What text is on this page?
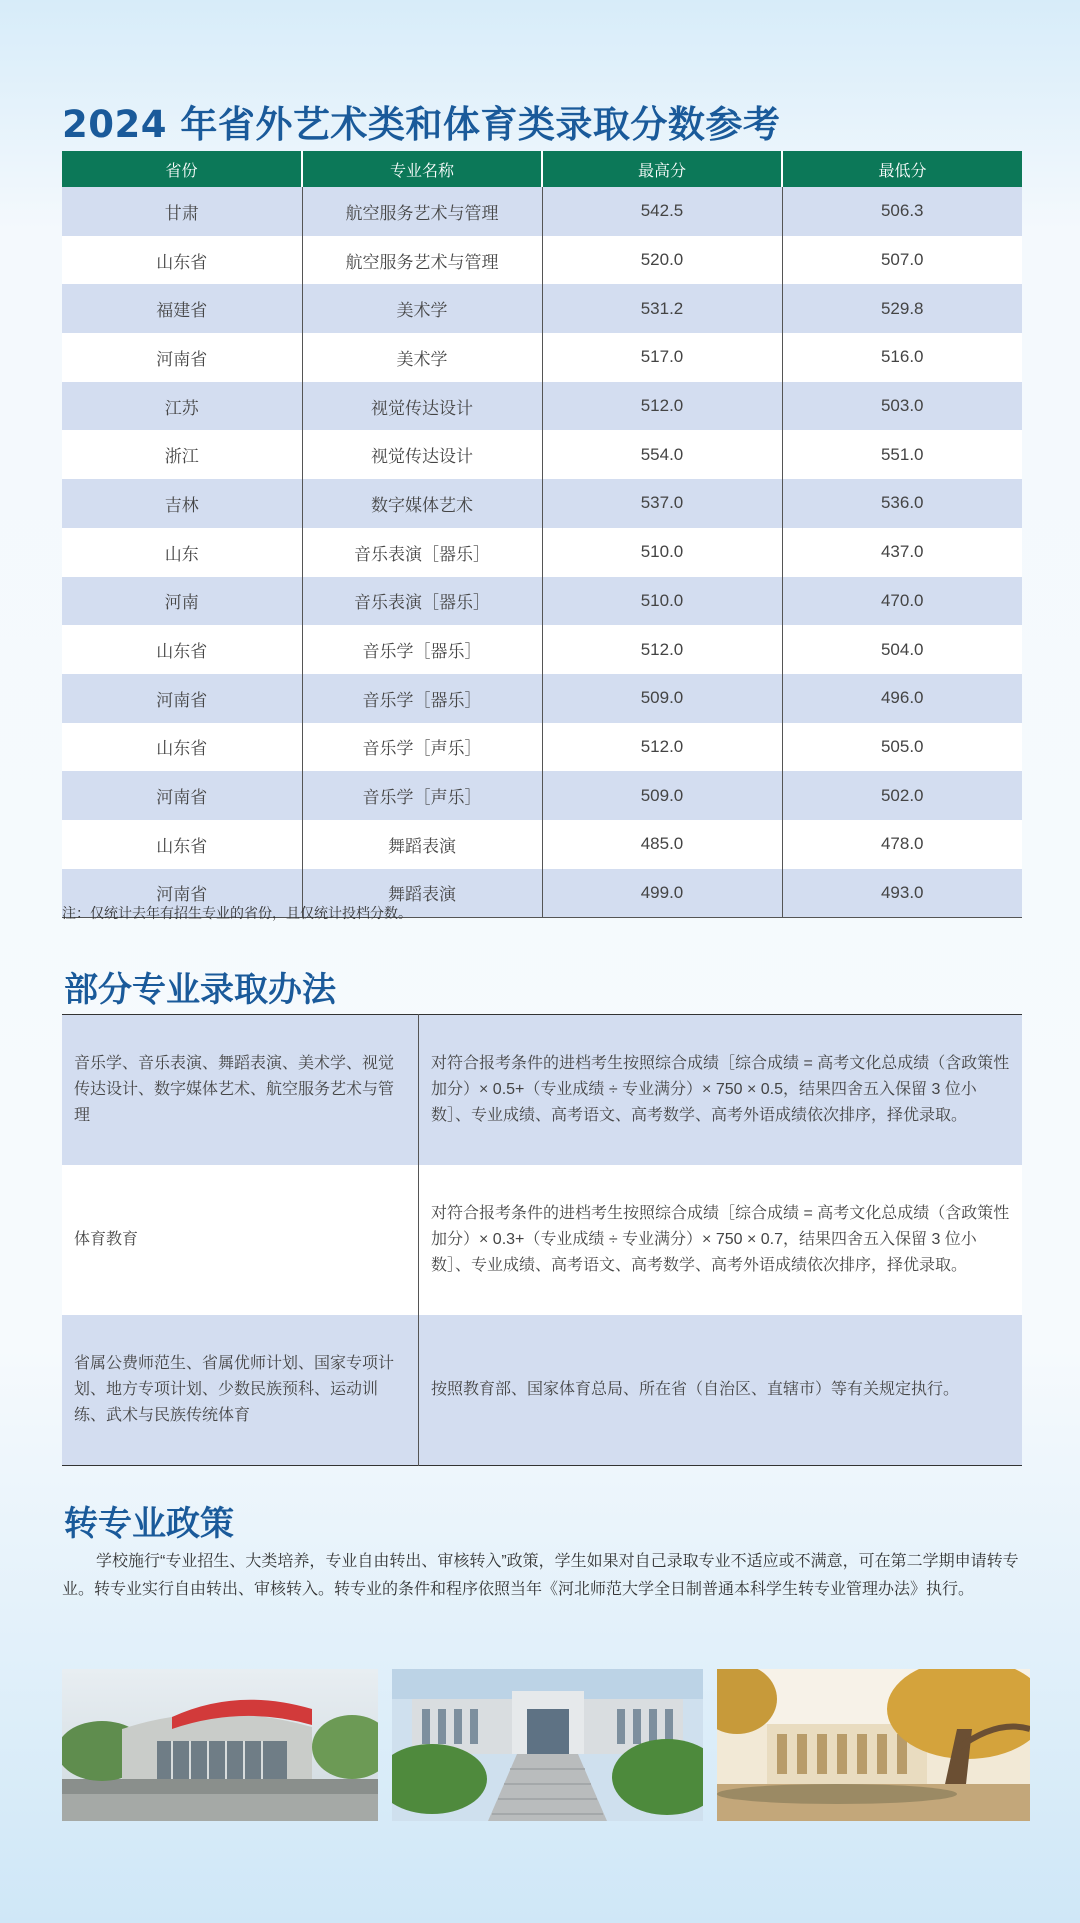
2024 年省外艺术类和体育类录取分数参考
省份	专业名称	最高分	最低分
甘肃	航空服务艺术与管理	542.5	506.3
山东省	航空服务艺术与管理	520.0	507.0
福建省	美术学	531.2	529.8
河南省	美术学	517.0	516.0
江苏	视觉传达设计	512.0	503.0
浙江	视觉传达设计	554.0	551.0
吉林	数字媒体艺术	537.0	536.0
山东	音乐表演［器乐］	510.0	437.0
河南	音乐表演［器乐］	510.0	470.0
山东省	音乐学［器乐］	512.0	504.0
河南省	音乐学［器乐］	509.0	496.0
山东省	音乐学［声乐］	512.0	505.0
河南省	音乐学［声乐］	509.0	502.0
山东省	舞蹈表演	485.0	478.0
河南省	舞蹈表演	499.0	493.0
注：仅统计去年有招生专业的省份，且仅统计投档分数。
部分专业录取办法
音乐学、音乐表演、舞蹈表演、美术学、视觉传达设计、数字媒体艺术、航空服务艺术与管理	对符合报考条件的进档考生按照综合成绩［综合成绩 = 高考文化总成绩（含政策性加分）× 0.5+（专业成绩 ÷ 专业满分）× 750 × 0.5，结果四舍五入保留 3 位小数］、专业成绩、高考语文、高考数学、高考外语成绩依次排序，择优录取。
体育教育	对符合报考条件的进档考生按照综合成绩［综合成绩 = 高考文化总成绩（含政策性加分）× 0.3+（专业成绩 ÷ 专业满分）× 750 × 0.7，结果四舍五入保留 3 位小数］、专业成绩、高考语文、高考数学、高考外语成绩依次排序，择优录取。
省属公费师范生、省属优师计划、国家专项计划、地方专项计划、少数民族预科、运动训练、武术与民族传统体育	按照教育部、国家体育总局、所在省（自治区、直辖市）等有关规定执行。
转专业政策

学校施行“专业招生、大类培养，专业自由转出、审核转入”政策，学生如果对自己录取专业不适应或不满意，可在第二学期申请转专业。转专业实行自由转出、审核转入。转专业的条件和程序依照当年《河北师范大学全日制普通本科学生转专业管理办法》执行。
